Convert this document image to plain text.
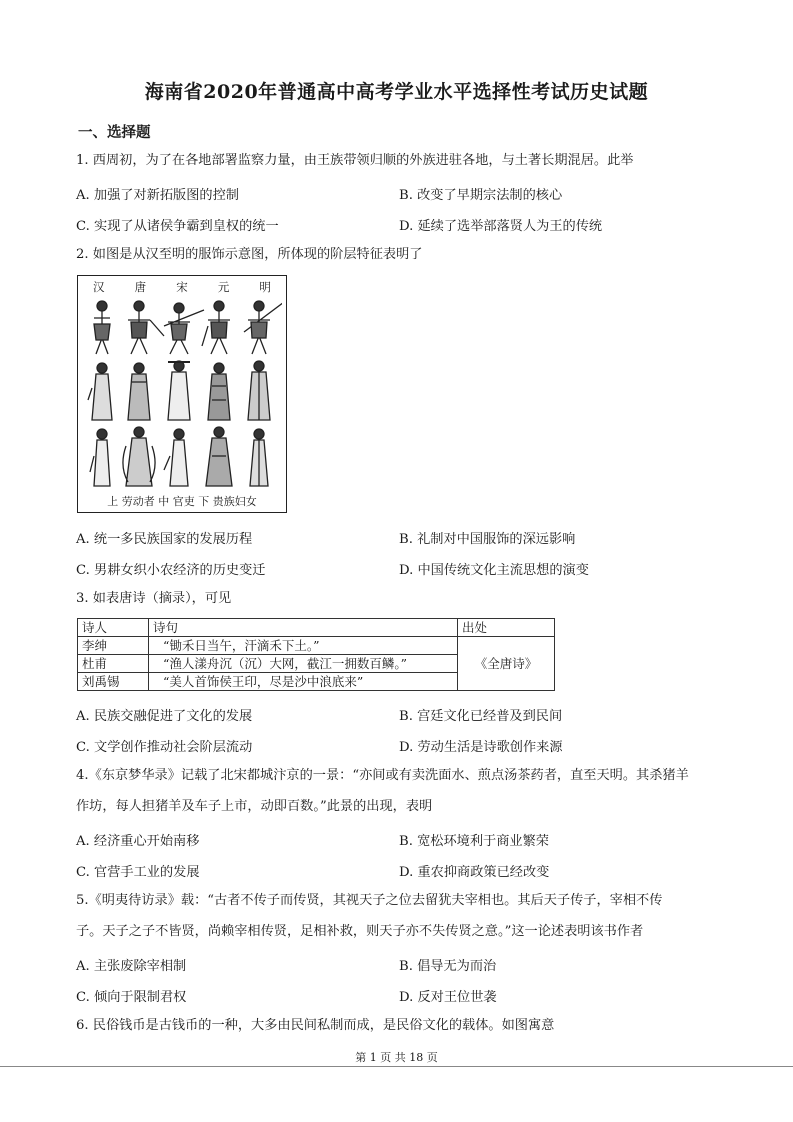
海南省2020年普通高中高考学业水平选择性考试历史试题
一、选择题
1. 西周初，为了在各地部署监察力量，由王族带领归顺的外族进驻各地，与土著长期混居。此举
A. 加强了对新拓版图的控制	B. 改变了早期宗法制的核心
C. 实现了从诸侯争霸到皇权的统一	D. 延续了选举部落贤人为王的传统
2. 如图是从汉至明的服饰示意图，所体现的阶层特征表明了
汉	唐	宋	元	明
上 劳动者 中 官吏 下 贵族妇女
A. 统一多民族国家的发展历程	B. 礼制对中国服饰的深远影响
C. 男耕女织小农经济的历史变迁	D. 中国传统文化主流思想的演变
3. 如表唐诗（摘录），可见
诗人	诗句	出处
李绅	“锄禾日当午，汗滴禾下土。”	《全唐诗》
杜甫	“渔人漾舟沉（沉）大网，截江一拥数百鳞。”	
刘禹锡	“美人首饰侯王印，尽是沙中浪底来”	
A. 民族交融促进了文化的发展	B. 宫廷文化已经普及到民间
C. 文学创作推动社会阶层流动	D. 劳动生活是诗歌创作来源
4.《东京梦华录》记载了北宋都城汴京的一景：“亦间或有卖洗面水、煎点汤茶药者，直至天明。其杀猪羊
作坊，每人担猪羊及车子上市，动即百数。”此景的出现，表明
A. 经济重心开始南移	B. 宽松环境利于商业繁荣
C. 官营手工业的发展	D. 重农抑商政策已经改变
5.《明夷待访录》载：“古者不传子而传贤，其视天子之位去留犹夫宰相也。其后天子传子，宰相不传
子。天子之子不皆贤，尚赖宰相传贤，足相补救，则天子亦不失传贤之意。”这一论述表明该书作者
A. 主张废除宰相制	B. 倡导无为而治
C. 倾向于限制君权	D. 反对王位世袭
6. 民俗钱币是古钱币的一种，大多由民间私制而成，是民俗文化的载体。如图寓意
第 1 页 共 18 页
